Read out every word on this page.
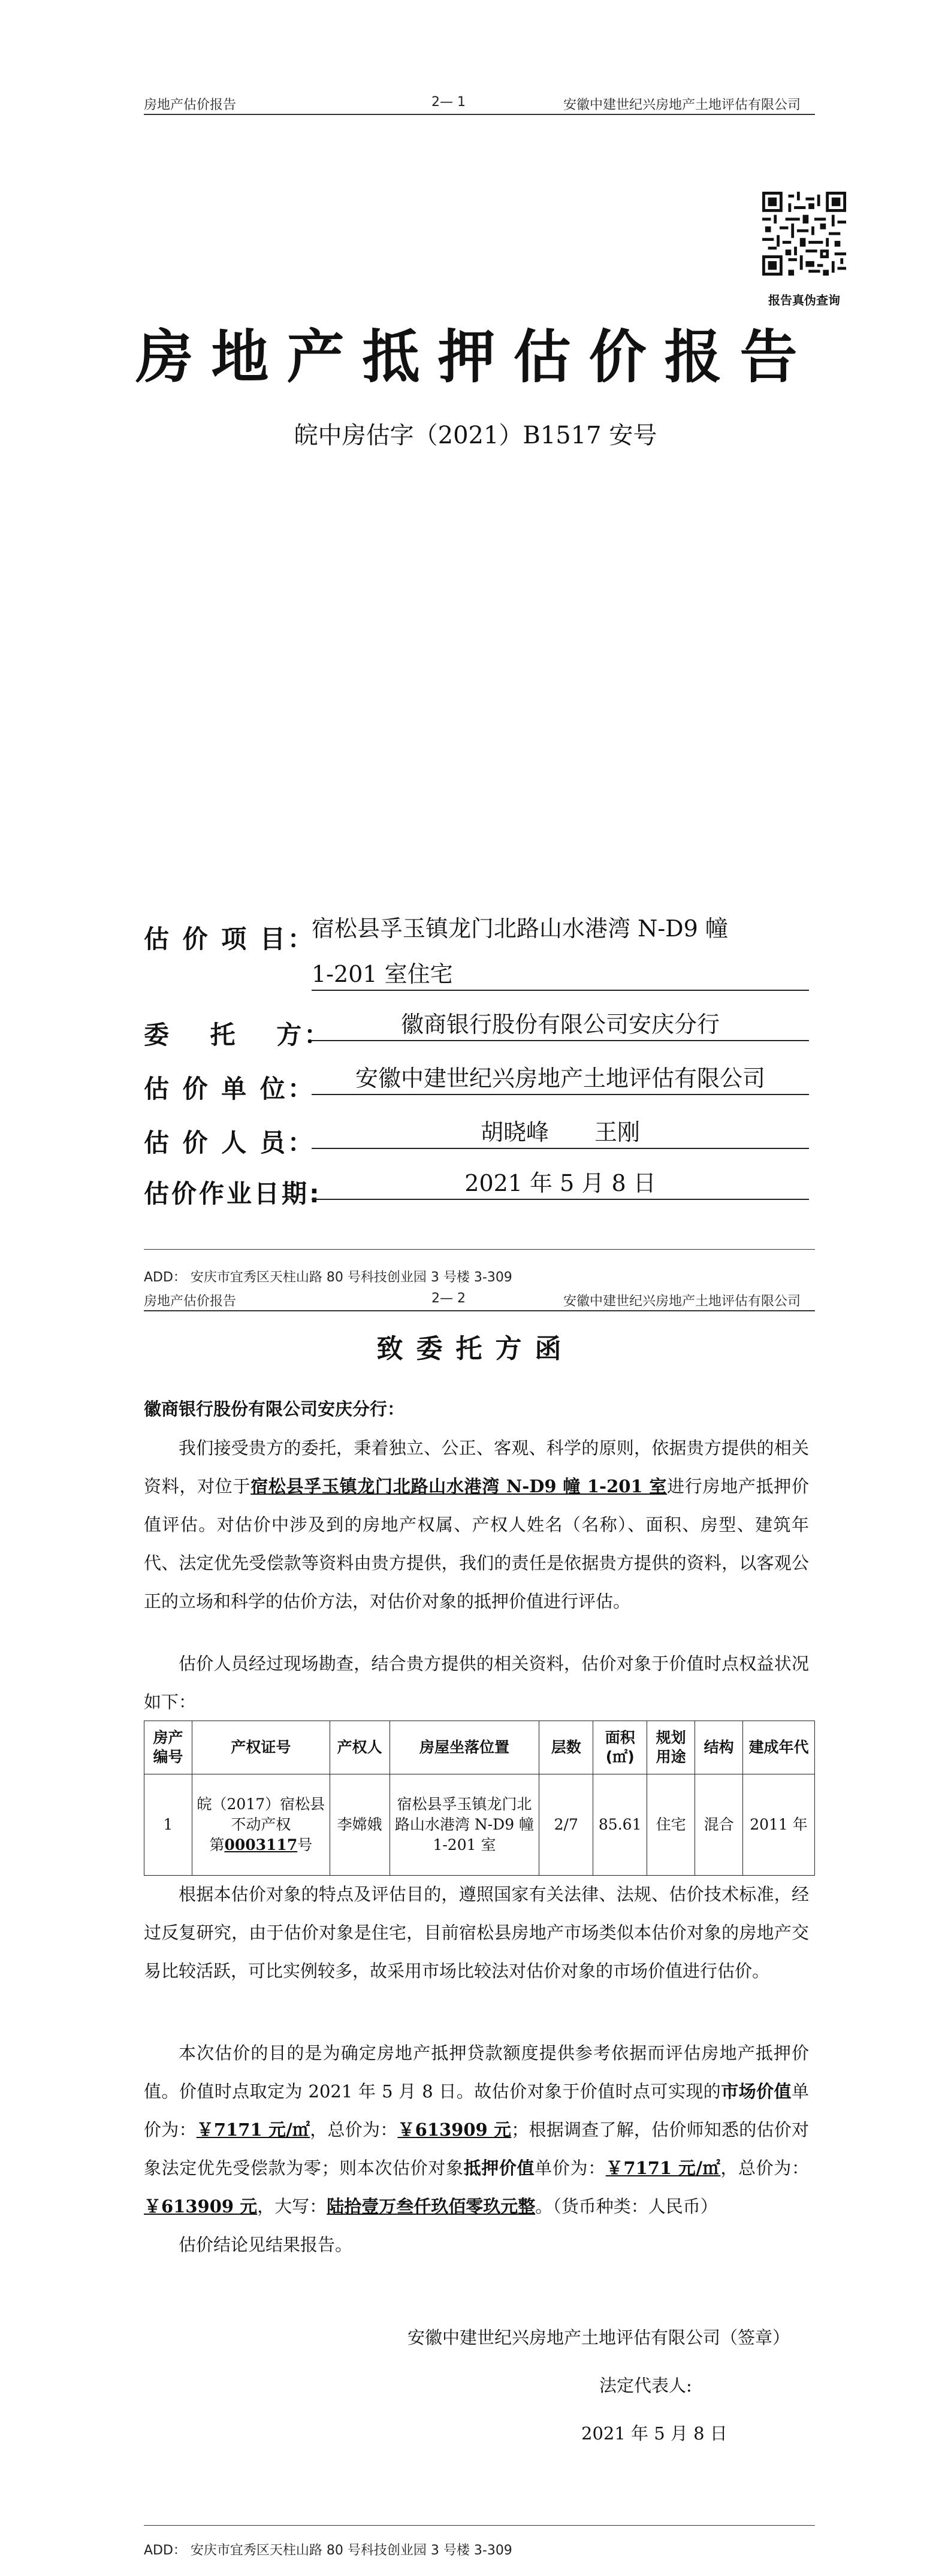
房地产估价报告	2— 1	安徽中建世纪兴房地产土地评估有限公司
报告真伪查询
房地产抵押估价报告
皖中房估字（2021）B1517 安号
估 价 项 目：
宿松县孚玉镇龙门北路山水港湾 N-D9 幢
1-201 室住宅
委　 托　 方：	徽商银行股份有限公司安庆分行
估 价 单 位：	安徽中建世纪兴房地产土地评估有限公司
估 价 人 员：	胡晓峰　　王刚
估价作业日期:	2021 年 5 月 8 日
ADD： 安庆市宜秀区天柱山路 80 号科技创业园 3 号楼 3-309
房地产估价报告	2— 2	安徽中建世纪兴房地产土地评估有限公司
致委托方函
徽商银行股份有限公司安庆分行：
我们接受贵方的委托，秉着独立、公正、客观、科学的原则，依据贵方提供的相关资料，对位于宿松县孚玉镇龙门北路山水港湾 N-D9 幢 1-201 室进行房地产抵押价值评估。对估价中涉及到的房地产权属、产权人姓名（名称）、面积、房型、建筑年代、法定优先受偿款等资料由贵方提供，我们的责任是依据贵方提供的资料，以客观公正的立场和科学的估价方法，对估价对象的抵押价值进行评估。
估价人员经过现场勘查，结合贵方提供的相关资料，估价对象于价值时点权益状况如下：
房产编号	产权证号	产权人	房屋坐落位置	层数	面积(㎡)	规划用途	结构	建成年代
1	皖（2017）宿松县不动产权
第0003117号	李嫦娥	宿松县孚玉镇龙门北路山水港湾 N-D9 幢 1-201 室	2/7	85.61	住宅	混合	2011 年
根据本估价对象的特点及评估目的，遵照国家有关法律、法规、估价技术标准，经过反复研究，由于估价对象是住宅，目前宿松县房地产市场类似本估价对象的房地产交易比较活跃，可比实例较多，故采用市场比较法对估价对象的市场价值进行估价。
本次估价的目的是为确定房地产抵押贷款额度提供参考依据而评估房地产抵押价值。价值时点取定为 2021 年 5 月 8 日。故估价对象于价值时点可实现的市场价值单价为：￥7171 元/㎡，总价为：￥613909 元；根据调查了解，估价师知悉的估价对象法定优先受偿款为零；则本次估价对象抵押价值单价为：￥7171 元/㎡，总价为：￥613909 元，大写：陆拾壹万叁仟玖佰零玖元整。（货币种类：人民币）
估价结论见结果报告。
安徽中建世纪兴房地产土地评估有限公司（签章）
法定代表人:
2021 年 5 月 8 日
ADD： 安庆市宜秀区天柱山路 80 号科技创业园 3 号楼 3-309
